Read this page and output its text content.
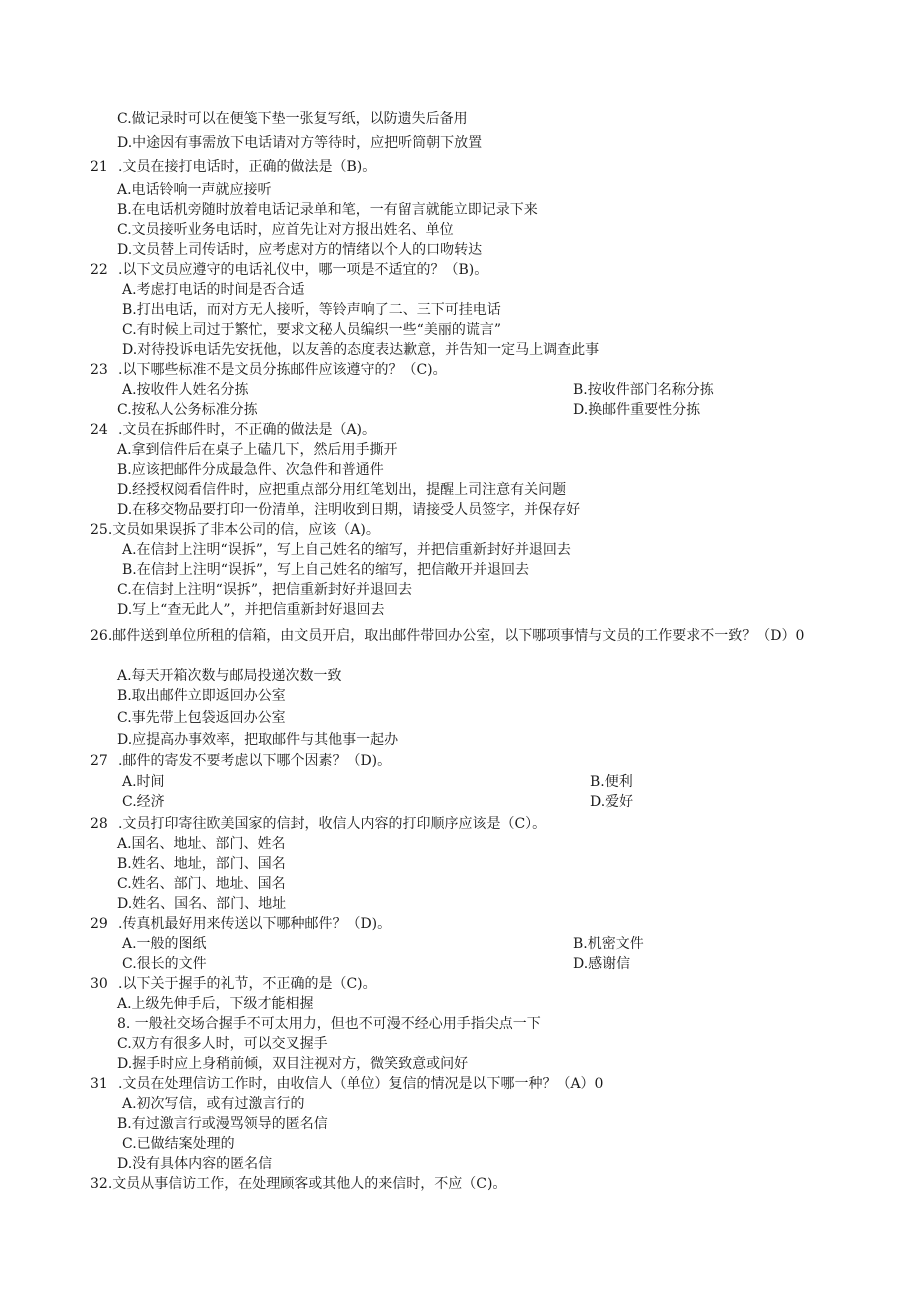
C.做记录时可以在便笺下垫一张复写纸，以防遗失后备用
D.中途因有事需放下电话请对方等待时，应把听筒朝下放置
21 .文员在接打电话时，正确的做法是（B)。
A.电话铃响一声就应接听
B.在电话机旁随时放着电话记录单和笔，一有留言就能立即记录下来
C.文员接听业务电话时，应首先让对方报出姓名、单位
D.文员替上司传话时，应考虑对方的情绪以个人的口吻转达
22 .以下文员应遵守的电话礼仪中，哪一项是不适宜的？（B)。
A.考虑打电话的时间是否合适
B.打出电话，而对方无人接听，等铃声响了二、三下可挂电话
C.有时候上司过于繁忙，要求文秘人员编织一些“美丽的谎言”
D.对待投诉电话先安抚他，以友善的态度表达歉意，并告知一定马上调查此事
23 .以下哪些标准不是文员分拣邮件应该遵守的？（C)。
A.按收件人姓名分拣	B.按收件部门名称分拣
C.按私人公务标准分拣	D.换邮件重要性分拣
24 .文员在拆邮件时，不正确的做法是（A)。
A.拿到信件后在桌子上磕几下，然后用手撕开
B.应该把邮件分成最急件、次急件和普通件
D.经授权阅看信件时，应把重点部分用红笔划出，提醒上司注意有关问题
D.在移交物品要打印一份清单，注明收到日期，请接受人员签字，并保存好
25.文员如果误拆了非本公司的信，应该（A)。
A.在信封上注明“误拆”，写上自己姓名的缩写，并把信重新封好并退回去
B.在信封上注明“误拆”，写上自己姓名的缩写，把信敞开并退回去
C.在信封上注明“误拆”，把信重新封好并退回去
D.写上“查无此人”，并把信重新封好退回去
26.邮件送到单位所租的信箱，由文员开启，取出邮件带回办公室，以下哪项事情与文员的工作要求不一致？（D）0
A.每天开箱次数与邮局投递次数一致
B.取出邮件立即返回办公室
C.事先带上包袋返回办公室
D.应提高办事效率，把取邮件与其他事一起办
27 .邮件的寄发不要考虑以下哪个因素？（D)。
A.时间	B.便利
C.经济	D.爱好
28 .文员打印寄往欧美国家的信封，收信人内容的打印顺序应该是（C）。
A.国名、地址、部门、姓名
B.姓名、地址，部门、国名
C.姓名、部门、地址、国名
D.姓名、国名、部门、地址
29 .传真机最好用来传送以下哪种邮件？（D)。
A.一般的图纸	B.机密文件
C.很长的文件	D.感谢信
30 .以下关于握手的礼节，不正确的是（C)。
A.上级先伸手后，下级才能相握
8. 一般社交场合握手不可太用力，但也不可漫不经心用手指尖点一下
C.双方有很多人时，可以交叉握手
D.握手时应上身稍前倾，双目注视对方，微笑致意或问好
31 .文员在处理信访工作时，由收信人（单位）复信的情况是以下哪一种？（A）0
A.初次写信，或有过激言行的
B.有过激言行或漫骂领导的匿名信
C.已做结案处理的
D.没有具体内容的匿名信
32.文员从事信访工作，在处理顾客或其他人的来信时，不应（C)。
